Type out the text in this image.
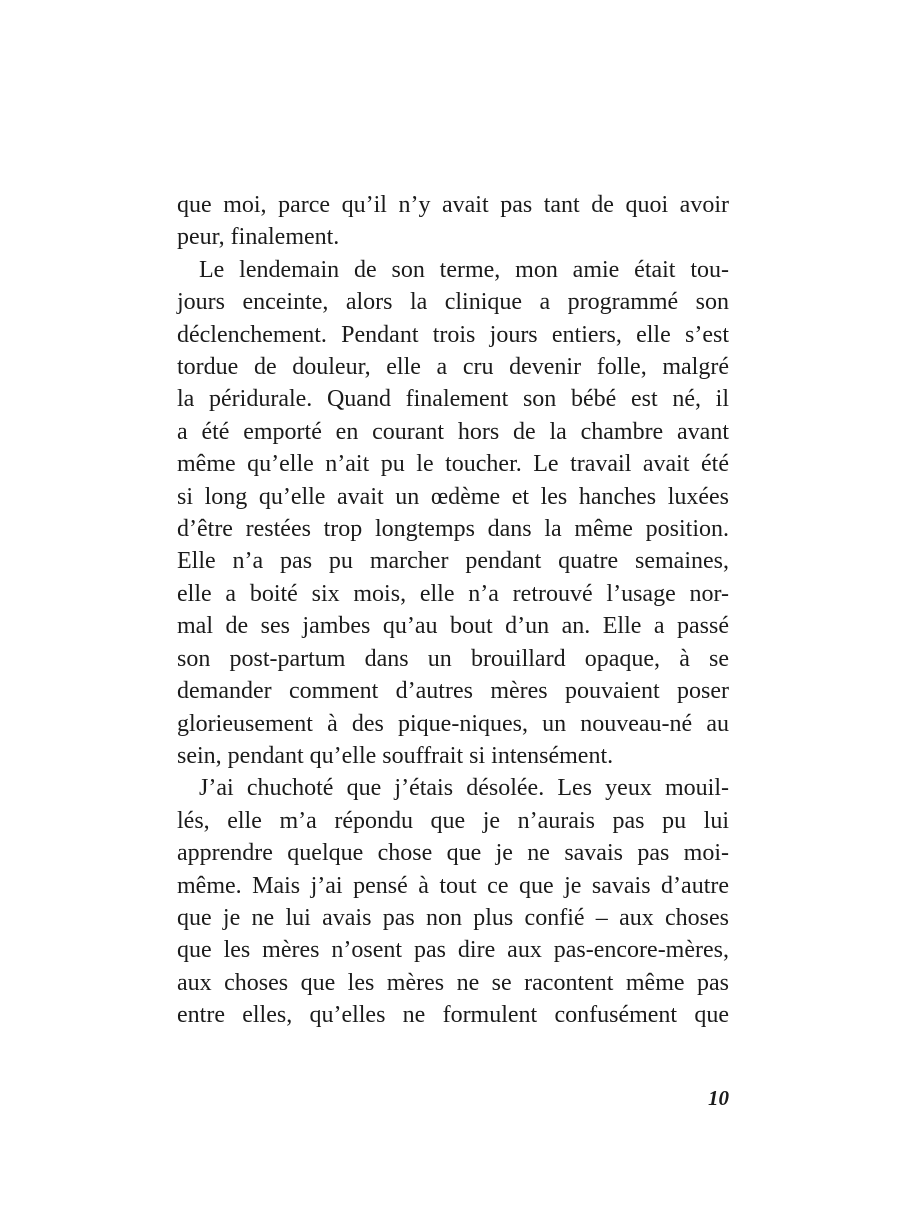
que moi, parce qu’il n’y avait pas tant de quoi avoir
peur, finalement.
Le lendemain de son terme, mon amie était tou-
jours enceinte, alors la clinique a programmé son
déclenchement. Pendant trois jours entiers, elle s’est
tordue de douleur, elle a cru devenir folle, malgré
la péridurale. Quand finalement son bébé est né, il
a été emporté en courant hors de la chambre avant
même qu’elle n’ait pu le toucher. Le travail avait été
si long qu’elle avait un œdème et les hanches luxées
d’être restées trop longtemps dans la même position.
Elle n’a pas pu marcher pendant quatre semaines,
elle a boité six mois, elle n’a retrouvé l’usage nor-
mal de ses jambes qu’au bout d’un an. Elle a passé
son post-partum dans un brouillard opaque, à se
demander comment d’autres mères pouvaient poser
glorieusement à des pique-niques, un nouveau-né au
sein, pendant qu’elle souffrait si intensément.
J’ai chuchoté que j’étais désolée. Les yeux mouil-
lés, elle m’a répondu que je n’aurais pas pu lui
apprendre quelque chose que je ne savais pas moi-
même. Mais j’ai pensé à tout ce que je savais d’autre
que je ne lui avais pas non plus confié – aux choses
que les mères n’osent pas dire aux pas-encore-mères,
aux choses que les mères ne se racontent même pas
entre elles, qu’elles ne formulent confusément que
10
